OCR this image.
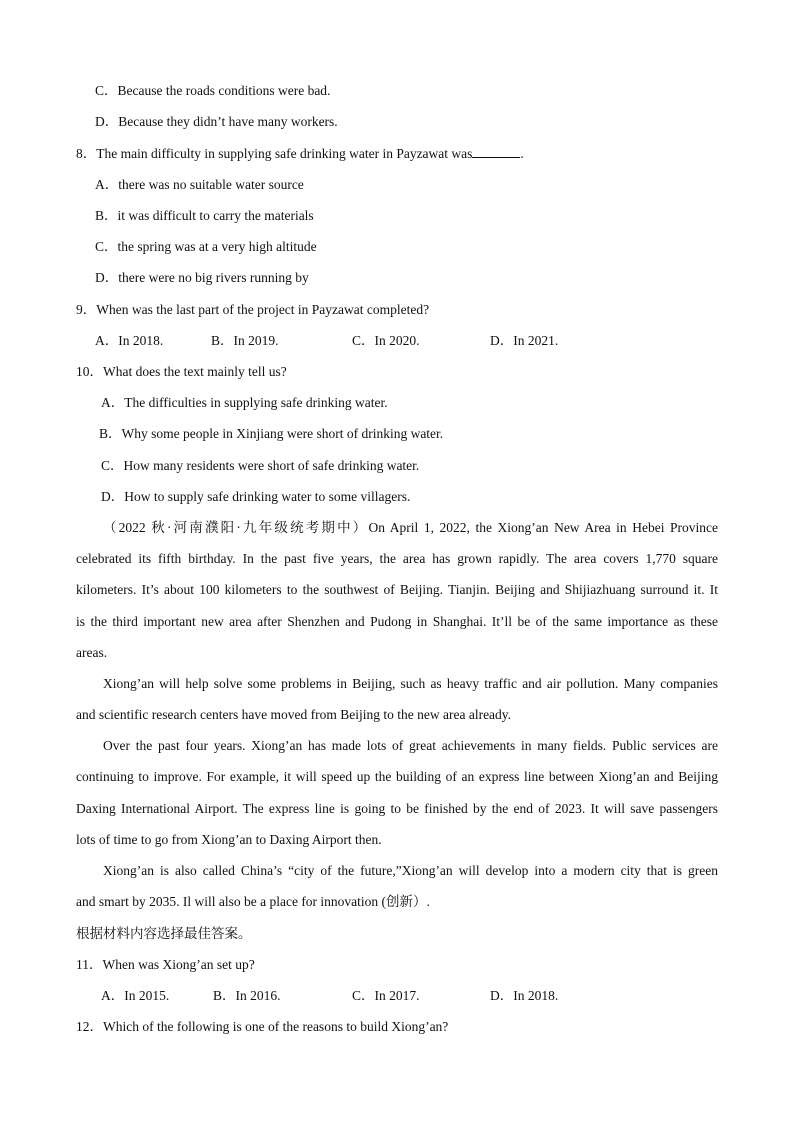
C．Because the roads conditions were bad.
D．Because they didn’t have many workers.
8．The main difficulty in supplying safe drinking water in Payzawat was	.
A．there was no suitable water source
B．it was difficult to carry the materials
C．the spring was at a very high altitude
D．there were no big rivers running by
9．When was the last part of the project in Payzawat completed?
A．In 2018.	B．In 2019.	C．In 2020.	D．In 2021.
10．What does the text mainly tell us?
A．The difficulties in supplying safe drinking water.
B．Why some people in Xinjiang were short of drinking water.
C．How many residents were short of safe drinking water.
D．How to supply safe drinking water to some villagers.
（2022 秋·河南濮阳·九年级统考期中）On April 1, 2022, the Xiong’an New Area in Hebei Province
celebrated its fifth birthday. In the past five years, the area has grown rapidly. The area covers 1,770 square
kilometers. It’s about 100 kilometers to the southwest of Beijing. Tianjin. Beijing and Shijiazhuang surround it. It
is the third important new area after Shenzhen and Pudong in Shanghai. It’ll be of the same importance as these
areas.
Xiong’an will help solve some problems in Beijing, such as heavy traffic and air pollution. Many companies
and scientific research centers have moved from Beijing to the new area already.
Over the past four years. Xiong’an has made lots of great achievements in many fields. Public services are
continuing to improve. For example, it will speed up the building of an express line between Xiong’an and Beijing
Daxing International Airport. The express line is going to be finished by the end of 2023. It will save passengers
lots of time to go from Xiong’an to Daxing Airport then.
Xiong’an is also called China’s “city of the future,”Xiong’an will develop into a modern city that is green
and smart by 2035. Il will also be a place for innovation (创新）.
根据材料内容选择最佳答案。
11．When was Xiong’an set up?
A．In 2015.	B．In 2016.	C．In 2017.	D．In 2018.
12．Which of the following is one of the reasons to build Xiong’an?
